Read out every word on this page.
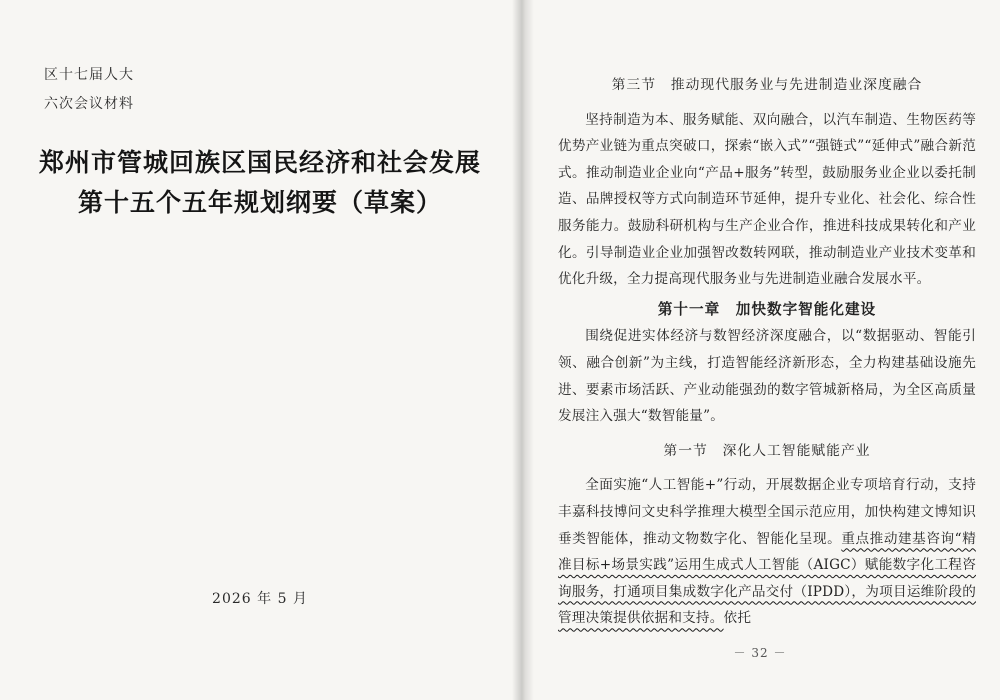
区十七届人大
六次会议材料
郑州市管城回族区国民经济和社会发展
第十五个五年规划纲要（草案）
2026 年 5 月

第三节　推动现代服务业与先进制造业深度融合

坚持制造为本、服务赋能、双向融合，以汽车制造、生物医药等优势产业链为重点突破口，探索“嵌入式”“强链式”“延伸式”融合新范式。推动制造业企业向“产品+服务”转型，鼓励服务业企业以委托制造、品牌授权等方式向制造环节延伸，提升专业化、社会化、综合性服务能力。鼓励科研机构与生产企业合作，推进科技成果转化和产业化。引导制造业企业加强智改数转网联，推动制造业产业技术变革和优化升级，全力提高现代服务业与先进制造业融合发展水平。

第十一章　加快数字智能化建设

围绕促进实体经济与数智经济深度融合，以“数据驱动、智能引领、融合创新”为主线，打造智能经济新形态，全力构建基础设施先进、要素市场活跃、产业动能强劲的数字管城新格局，为全区高质量发展注入强大“数智能量”。

第一节　深化人工智能赋能产业

全面实施“人工智能+”行动，开展数据企业专项培育行动，支持丰嘉科技博问文史科学推理大模型全国示范应用，加快构建文博知识垂类智能体，推动文物数字化、智能化呈现。重点推动建基咨询“精准目标+场景实践”运用生成式人工智能（AIGC）赋能数字化工程咨询服务，打通项目集成数字化产品交付（IPDD），为项目运维阶段的管理决策提供依据和支持。依托

－ 32 －
